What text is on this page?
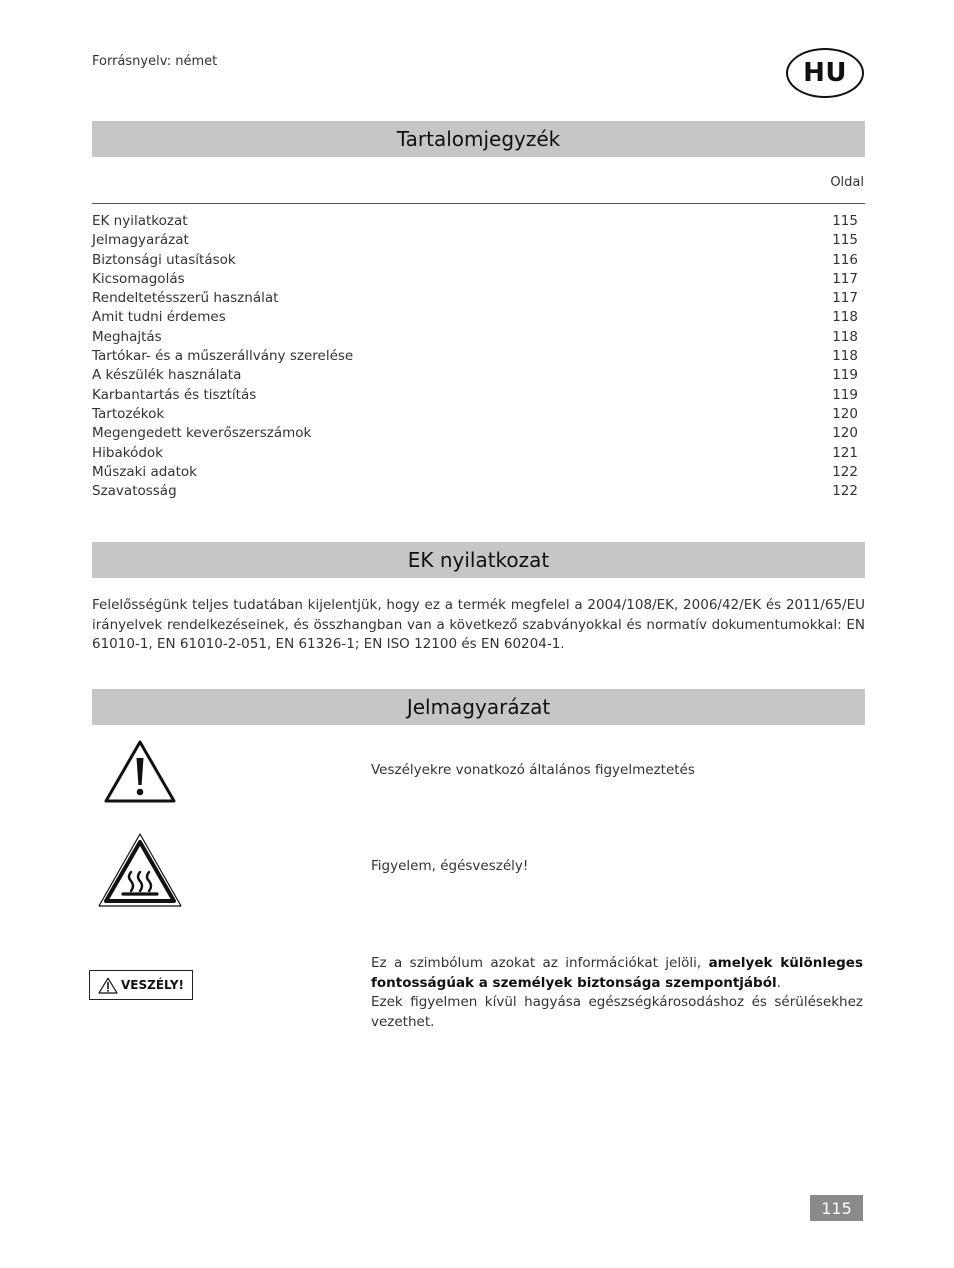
Forrásnyelv: német	HU
Tartalomjegyzék
Oldal
EK nyilatkozat	115
Jelmagyarázat	115
Biztonsági utasítások	116
Kicsomagolás	117
Rendeltetésszerű használat	117
Amit tudni érdemes	118
Meghajtás	118
Tartókar- és a műszerállvány szerelése	118
A készülék használata	119
Karbantartás és tisztítás	119
Tartozékok	120
Megengedett keverőszerszámok	120
Hibakódok	121
Műszaki adatok	122
Szavatosság	122
EK nyilatkozat
Felelősségünk teljes tudatában kijelentjük, hogy ez a termék megfelel a 2004/108/EK, 2006/42/EK és 2011/65/EU irányelvek rendelkezéseinek, és összhangban van a következő szabványokkal és normatív dokumentumokkal: EN 61010-1, EN 61010-2-051, EN 61326-1; EN ISO 12100 és EN 60204-1.
Jelmagyarázat
Veszélyekre vonatkozó általános figyelmeztetés
Figyelem, égésveszély!
VESZÉLY!
Ez a szimbólum azokat az információkat jelöli, amelyek különleges fontosságúak a személyek biztonsága szempontjából.
Ezek figyelmen kívül hagyása egészségkárosodáshoz és sérülésekhez vezethet.
115
